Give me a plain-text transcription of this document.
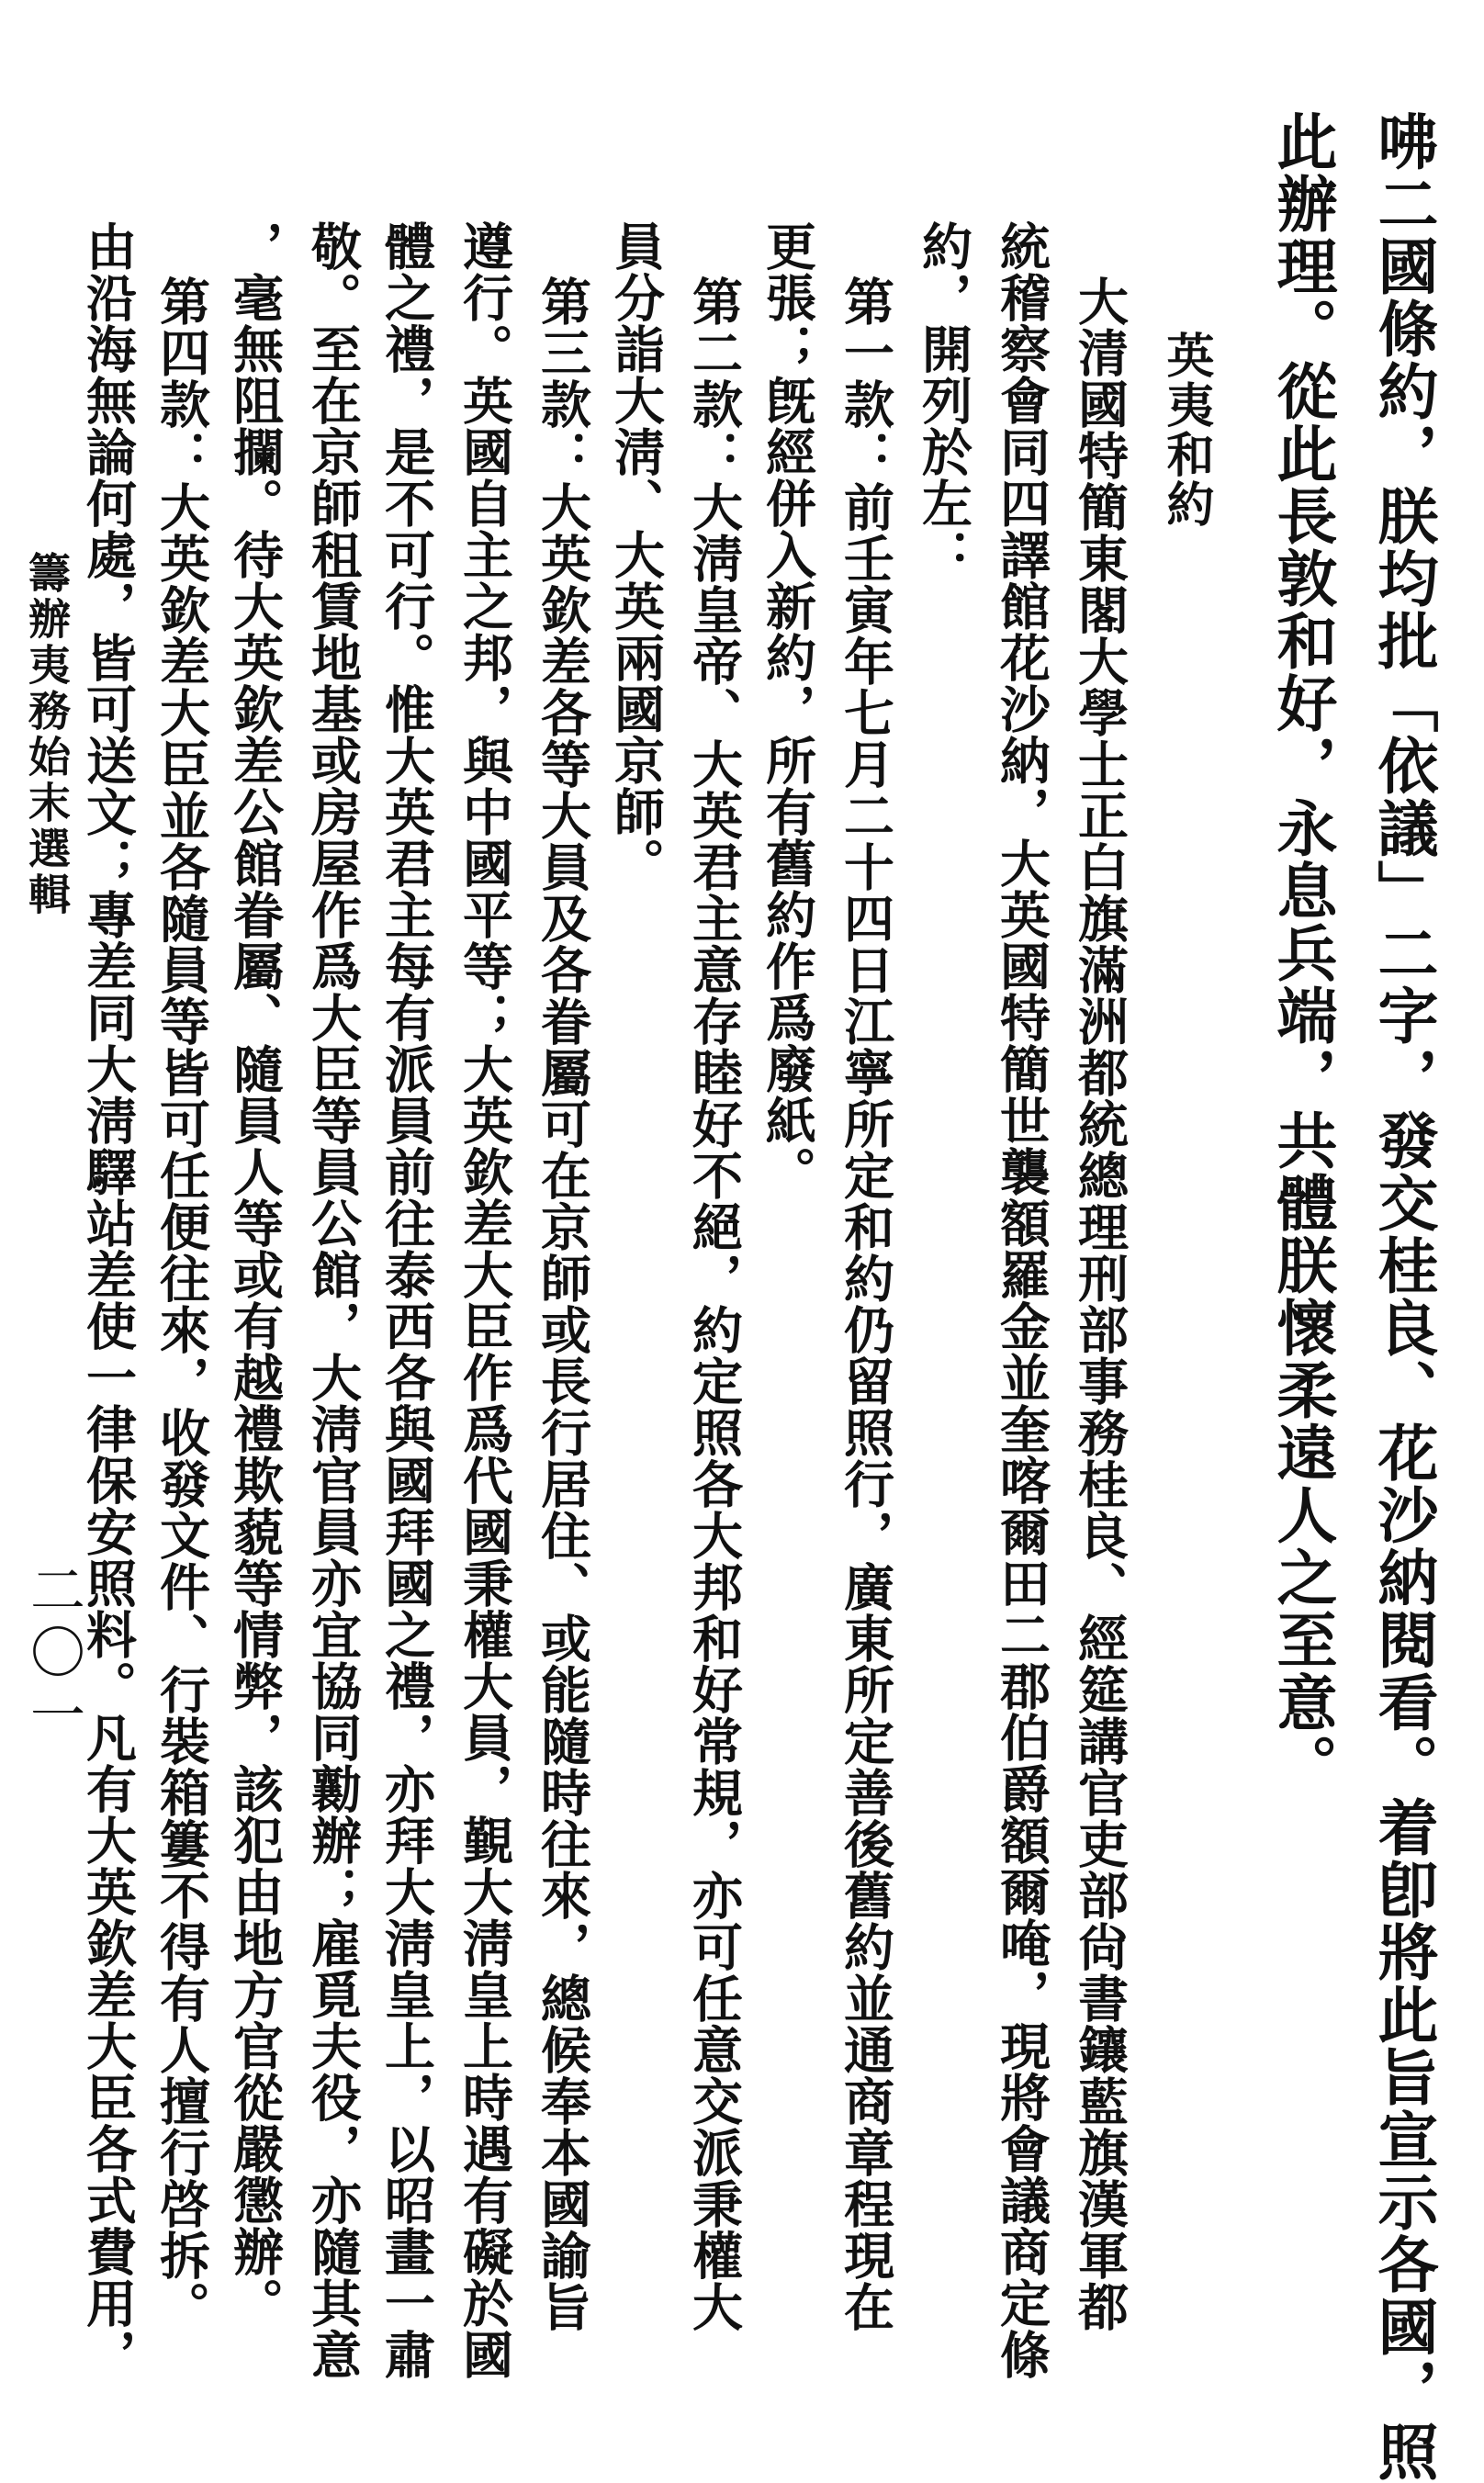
咈二國條約，朕均批「依議」二字，發交桂良、花沙納閱看。着卽將此旨宣示各國，照
此辦理。從此長敦和好，永息兵端，共體朕懷柔遠人之至意。
英夷和約
大清國特簡東閣大學士正白旗滿洲都統總理刑部事務桂良、經筵講官吏部尙書鑲藍旗漢軍都
統稽察會同四譯館花沙納，大英國特簡世襲額羅金並奎喀爾田二郡伯爵額爾唵，現將會議商定條
約，開列於左：
第一款：前壬寅年七月二十四日江寧所定和約仍留照行，廣東所定善後舊約並通商章程現在
更張；旣經併入新約，所有舊約作爲廢紙。
第二款：大淸皇帝、大英君主意存睦好不絕，約定照各大邦和好常規，亦可任意交派秉權大
員分詣大淸、大英兩國京師。
第三款：大英欽差各等大員及各眷屬可在京師或長行居住、或能隨時往來，總候奉本國諭旨
遵行。英國自主之邦，與中國平等；大英欽差大臣作爲代國秉權大員，覲大淸皇上時遇有礙於國
體之禮，是不可行。惟大英君主每有派員前往泰西各與國拜國之禮，亦拜大淸皇上，以昭畫一肅
敬。至在京師租賃地基或房屋作爲大臣等員公館，大淸官員亦宜協同勷辦；雇覓夫役，亦隨其意
，毫無阻攔。待大英欽差公館眷屬、隨員人等或有越禮欺藐等情弊，該犯由地方官從嚴懲辦。
第四款：大英欽差大臣並各隨員等皆可任便往來，收發文件、行裝箱簍不得有人擅行啓拆。
由沿海無論何處，皆可送文；專差同大淸驛站差使一律保安照料。凡有大英欽差大臣各式費用，
籌辦夷務始末選輯
二〇一
